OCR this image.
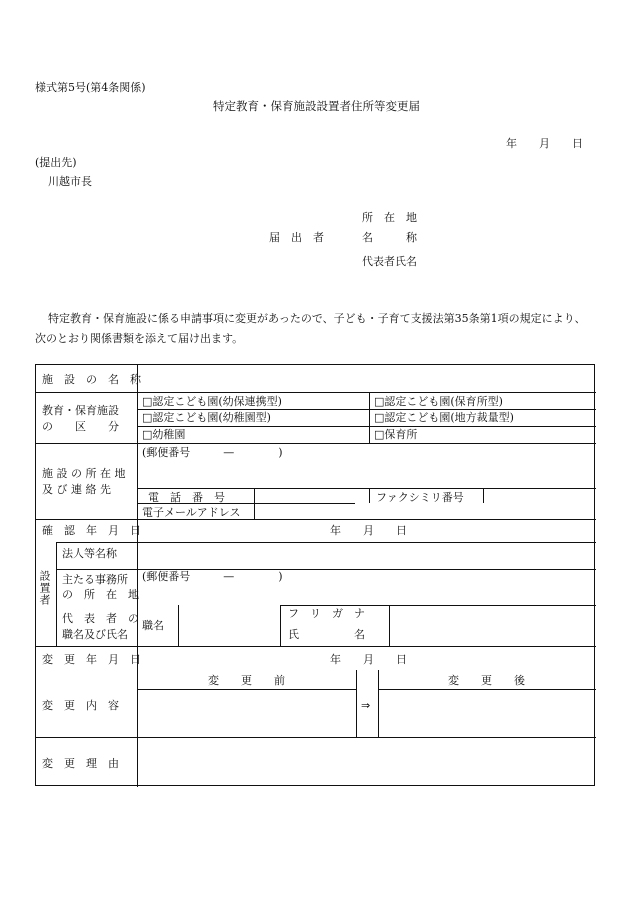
様式第5号(第4条関係)
特定教育・保育施設設置者住所等変更届
年 月 日
(提出先)
川越市長
所　在　地
届　出　者	名　　　称
代表者氏名
特定教育・保育施設に係る申請事項に変更があったので、子ども・子育て支援法第35条第1項の規定により、
次のとおり関係書類を添えて届け出ます。
施　設　の　名　称
教育・保育施設
の　　区　　分
□認定こども園(幼保連携型)	□認定こども園(保育所型)
□認定こども園(幼稚園型)	□認定こども園(地方裁量型)
□幼稚園	□保育所
施 設 の 所 在 地
及 び 連 絡 先
(郵便番号　　　—　　　　)
電　話　番　号	ファクシミリ番号
電子メールアドレス
確　認　年　月　日	年 月 日
設置者
法人等名称
主たる事務所
の　所　在　地
(郵便番号　　　—　　　　)
代　表　者　の
職名及び氏名
職名
フ　リ　ガ　ナ
氏　　　　　名
変　更　年　月　日	年 月 日
変　更　内　容
変　　更　　前	変　　更　　後
⇒
変　更　理　由
